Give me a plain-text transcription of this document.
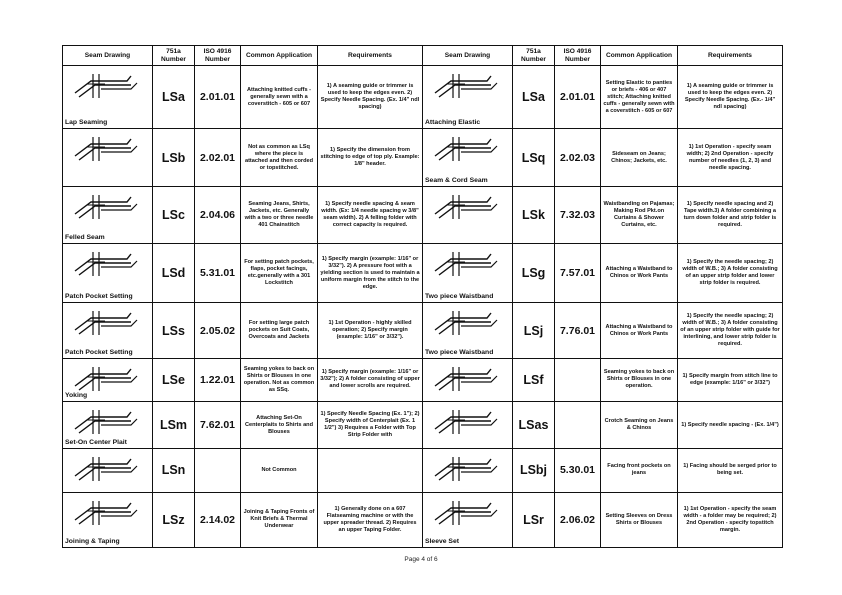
Seam Drawing	751a Number	ISO 4916 Number	Common Application	Requirements	Seam Drawing	751a Number	ISO 4916 Number	Common Application	Requirements

Lap Seaming	LSa	2.01.01	Attaching knitted cuffs - generally sewn with a coverstitch - 605 or 607	1) A seaming guide or trimmer is used to keep the edges even. 2) Specify Needle Spacing. (Ex. 1/4" ndl spacing)	Attaching Elastic	LSa	2.01.01	Setting Elastic to panties or briefs - 406 or 407 stitch; Attaching knitted cuffs - generally sewn with a coverstitch - 605 or 607	1) A seaming guide or trimmer is used to keep the edges even. 2) Specify Needle Spacing. (Ex.- 1/4" ndl spacing)

	LSb	2.02.01	Not as common as LSq where the piece is attached and then corded or topstitched.	1) Specify the dimension from stitching to edge of top ply. Example: 1/8" header.	Seam & Cord Seam	LSq	2.02.03	Sideseam on Jeans; Chinos; Jackets, etc.	1) 1st Operation - specify seam width; 2) 2nd Operation - specify number of needles (1, 2, 3) and needle spacing.

Felled Seam	LSc	2.04.06	Seaming Jeans, Shirts, Jackets, etc. Generally with a two or three needle 401 Chainstitch	1) Specify needle spacing & seam width. (Ex: 1/4 needle spacing w 3/8" seam width). 2) A felling folder with correct capacity is required.		LSk	7.32.03	Waistbanding on Pajamas; Making Rod Pkt.on Curtains & Shower Curtains, etc.	1) Specify needle spacing and 2) Tape width.3) A folder combining a turn down folder and strip folder is required.

Patch Pocket Setting	LSd	5.31.01	For setting patch pockets, flaps, pocket facings, etc.generally with a 301 Lockstitch	1) Specify margin (example: 1/16" or 3/32"). 2) A pressure foot with a yielding section is used to maintain a uniform margin from the stitch to the edge.	Two piece Waistband	LSg	7.57.01	Attaching a Waistband to Chinos or Work Pants	1) Specify the needle spacing; 2) width of W.B.; 3) A folder consisting of an upper strip folder and lower strip folder is required.

Patch Pocket Setting	LSs	2.05.02	For setting large patch pockets on Suit Coats, Overcoats and Jackets	1) 1st Operation - highly skilled operation; 2) Specify margin (example: 1/16" or 3/32").	Two piece Waistband	LSj	7.76.01	Attaching a Waistband to Chinos or Work Pants	1) Specify the needle spacing; 2) width of W.B.; 3) A folder consisting of an upper strip folder with guide for interlining, and lower strip folder is required.

Yoking	LSe	1.22.01	Seaming yokes to back on Shirts or Blouses in one operation. Not as common as SSq.	1) Specify margin (example: 1/16" or 3/32"); 2) A folder consisting of upper and lower scrolls are required.		LSf		Seaming yokes to back on Shirts or Blouses in one operation.	1) Specify margin from stitch line to edge (example: 1/16" or 3/32")

Set-On Center Plait	LSm	7.62.01	Attaching Set-On Centerplaits to Shirts and Blouses	1) Specify Needle Spacing (Ex. 1"); 2) Specify width of Centerplait (Ex. 1 1/2") 3) Requires a Folder with Top Strip Folder with		LSas		Crotch Seaming on Jeans & Chinos	1) Specify needle spacing - (Ex. 1/4")

	LSn		Not Common			LSbj	5.30.01	Facing front pockets on jeans	1) Facing should be serged prior to being set.

Joining & Taping	LSz	2.14.02	Joining & Taping Fronts of Knit Briefs & Thermal Underwear	1) Generally done on a 607 Flatseaming machine or with the upper spreader thread. 2) Requires an upper Taping Folder.	Sleeve Set	LSr	2.06.02	Setting Sleeves on Dress Shirts or Blouses	1) 1st Operation - specify the seam width - a folder may be required; 2) 2nd Operation - specify topstitch margin.
Page 4 of 6
